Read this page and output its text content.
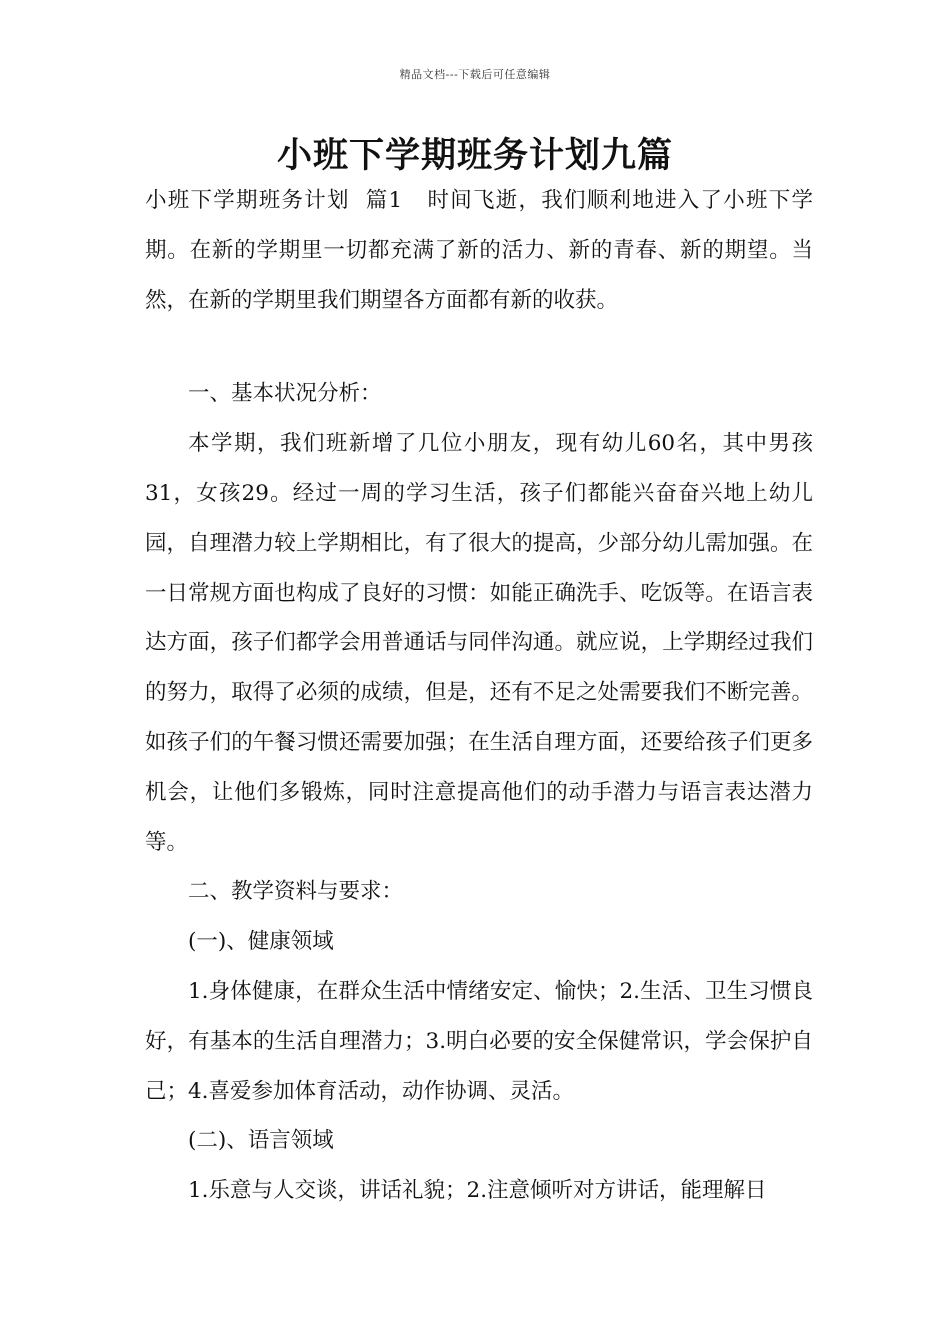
精品文档---下载后可任意编辑
小班下学期班务计划九篇

小班下学期班务计划 篇1 时间飞逝，我们顺利地进入了小班下学期。在新的学期里一切都充满了新的活力、新的青春、新的期望。当然，在新的学期里我们期望各方面都有新的收获。

一、基本状况分析：

本学期，我们班新增了几位小朋友，现有幼儿60名，其中男孩31，女孩29。经过一周的学习生活，孩子们都能兴奋奋兴地上幼儿园，自理潜力较上学期相比，有了很大的提高，少部分幼儿需加强。在一日常规方面也构成了良好的习惯：如能正确洗手、吃饭等。在语言表达方面，孩子们都学会用普通话与同伴沟通。就应说，上学期经过我们的努力，取得了必须的成绩，但是，还有不足之处需要我们不断完善。如孩子们的午餐习惯还需要加强；在生活自理方面，还要给孩子们更多机会，让他们多锻炼，同时注意提高他们的动手潜力与语言表达潜力等。

二、教学资料与要求：

(一)、健康领域

1.身体健康，在群众生活中情绪安定、愉快；2.生活、卫生习惯良好，有基本的生活自理潜力；3.明白必要的安全保健常识，学会保护自己；4.喜爱参加体育活动，动作协调、灵活。

(二)、语言领域

1.乐意与人交谈，讲话礼貌；2.注意倾听对方讲话，能理解日
